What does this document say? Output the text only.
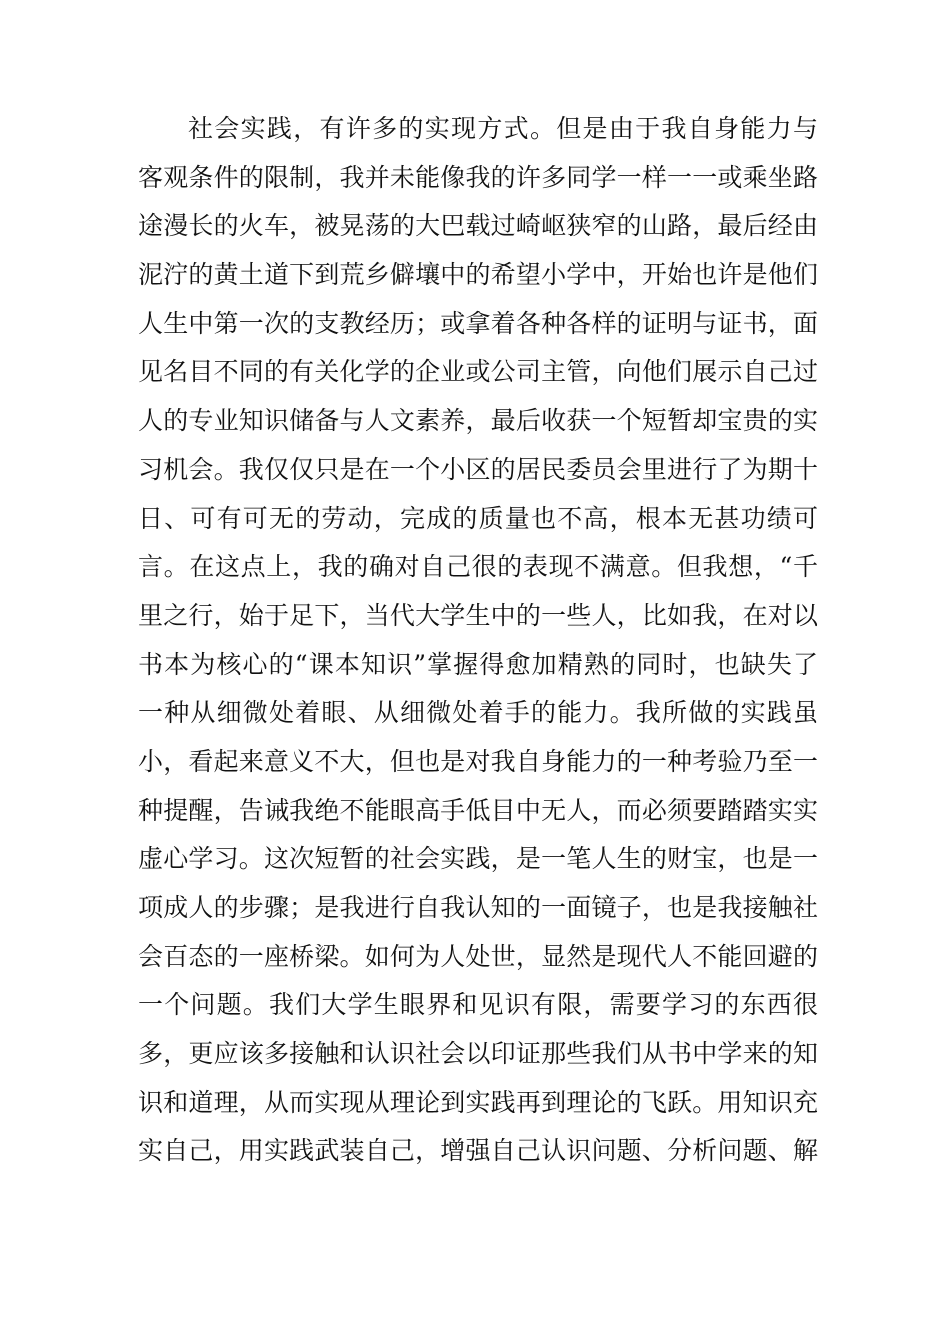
社会实践，有许多的实现方式。但是由于我自身能力与
客观条件的限制，我并未能像我的许多同学一样一一或乘坐路
途漫长的火车，被晃荡的大巴载过崎岖狭窄的山路，最后经由
泥泞的黄土道下到荒乡僻壤中的希望小学中，开始也许是他们
人生中第一次的支教经历；或拿着各种各样的证明与证书，面
见名目不同的有关化学的企业或公司主管，向他们展示自己过
人的专业知识储备与人文素养，最后收获一个短暂却宝贵的实
习机会。我仅仅只是在一个小区的居民委员会里进行了为期十
日、可有可无的劳动，完成的质量也不高，根本无甚功绩可
言。在这点上，我的确对自己很的表现不满意。但我想，“千
里之行，始于足下，当代大学生中的一些人，比如我，在对以
书本为核心的“课本知识”掌握得愈加精熟的同时，也缺失了
一种从细微处着眼、从细微处着手的能力。我所做的实践虽
小，看起来意义不大，但也是对我自身能力的一种考验乃至一
种提醒，告诫我绝不能眼高手低目中无人，而必须要踏踏实实
虚心学习。这次短暂的社会实践，是一笔人生的财宝，也是一
项成人的步骤；是我进行自我认知的一面镜子，也是我接触社
会百态的一座桥梁。如何为人处世，显然是现代人不能回避的
一个问题。我们大学生眼界和见识有限，需要学习的东西很
多，更应该多接触和认识社会以印证那些我们从书中学来的知
识和道理，从而实现从理论到实践再到理论的飞跃。用知识充
实自己，用实践武装自己，增强自己认识问题、分析问题、解
